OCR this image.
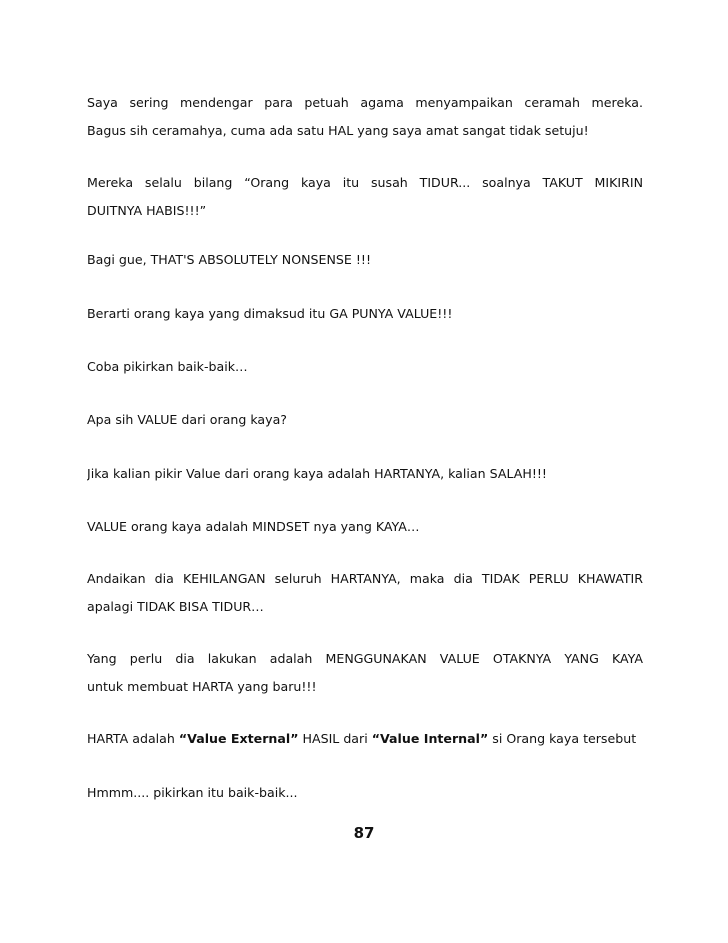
Saya sering mendengar para petuah agama menyampaikan ceramah mereka.
Bagus sih ceramahya, cuma ada satu HAL yang saya amat sangat tidak setuju!
Mereka selalu bilang “Orang kaya itu susah TIDUR... soalnya TAKUT MIKIRIN
DUITNYA HABIS!!!”
Bagi gue, THAT'S ABSOLUTELY NONSENSE !!!
Berarti orang kaya yang dimaksud itu GA PUNYA VALUE!!!
Coba pikirkan baik-baik…
Apa sih VALUE dari orang kaya?
Jika kalian pikir Value dari orang kaya adalah HARTANYA, kalian SALAH!!!
VALUE orang kaya adalah MINDSET nya yang KAYA…
Andaikan dia KEHILANGAN seluruh HARTANYA, maka dia TIDAK PERLU KHAWATIR
apalagi TIDAK BISA TIDUR…
Yang perlu dia lakukan adalah MENGGUNAKAN VALUE OTAKNYA YANG KAYA
untuk membuat HARTA yang baru!!!
HARTA adalah “Value External” HASIL dari “Value Internal” si Orang kaya tersebut
Hmmm.... pikirkan itu baik-baik...
87
